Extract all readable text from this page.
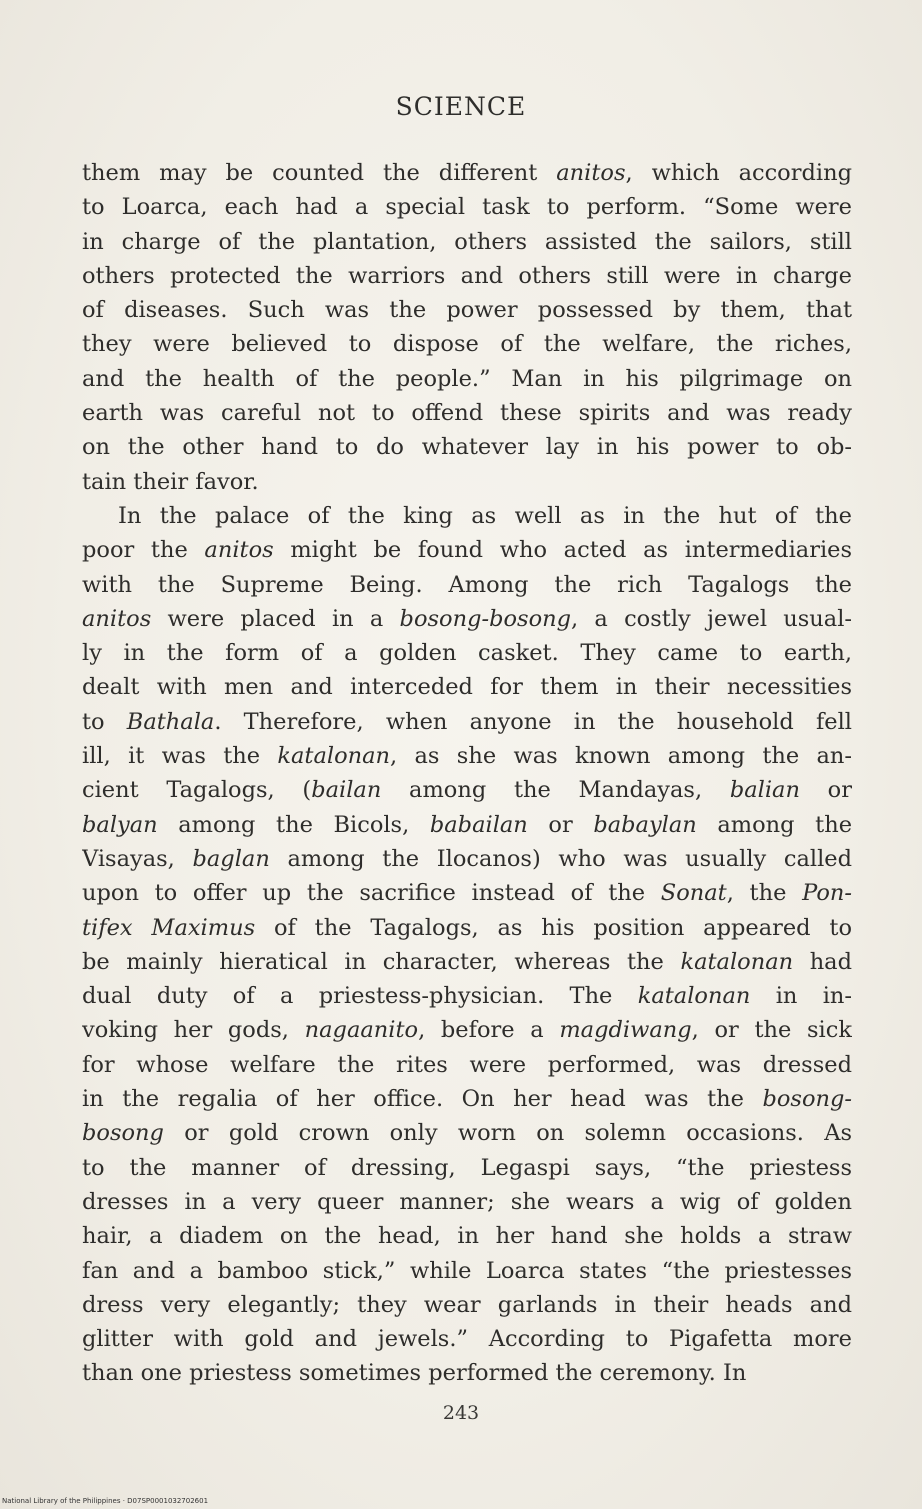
SCIENCE
them may be counted the different anitos, which according
to Loarca, each had a special task to perform. “Some were
in charge of the plantation, others assisted the sailors, still
others protected the warriors and others still were in charge
of diseases. Such was the power possessed by them, that
they were believed to dispose of the welfare, the riches,
and the health of the people.” Man in his pilgrimage on
earth was careful not to offend these spirits and was ready
on the other hand to do whatever lay in his power to ob-
tain their favor.
In the palace of the king as well as in the hut of the
poor the anitos might be found who acted as intermediaries
with the Supreme Being. Among the rich Tagalogs the
anitos were placed in a bosong-bosong, a costly jewel usual-
ly in the form of a golden casket. They came to earth,
dealt with men and interceded for them in their necessities
to Bathala. Therefore, when anyone in the household fell
ill, it was the katalonan, as she was known among the an-
cient Tagalogs, (bailan among the Mandayas, balian or
balyan among the Bicols, babailan or babaylan among the
Visayas, baglan among the Ilocanos) who was usually called
upon to offer up the sacrifice instead of the Sonat, the Pon-
tifex Maximus of the Tagalogs, as his position appeared to
be mainly hieratical in character, whereas the katalonan had
dual duty of a priestess-physician. The katalonan in in-
voking her gods, nagaanito, before a magdiwang, or the sick
for whose welfare the rites were performed, was dressed
in the regalia of her office. On her head was the bosong-
bosong or gold crown only worn on solemn occasions. As
to the manner of dressing, Legaspi says, “the priestess
dresses in a very queer manner; she wears a wig of golden
hair, a diadem on the head, in her hand she holds a straw
fan and a bamboo stick,” while Loarca states “the priestesses
dress very elegantly; they wear garlands in their heads and
glitter with gold and jewels.” According to Pigafetta more
than one priestess sometimes performed the ceremony. In
243
National Library of the Philippines · D07SP0001032702601
